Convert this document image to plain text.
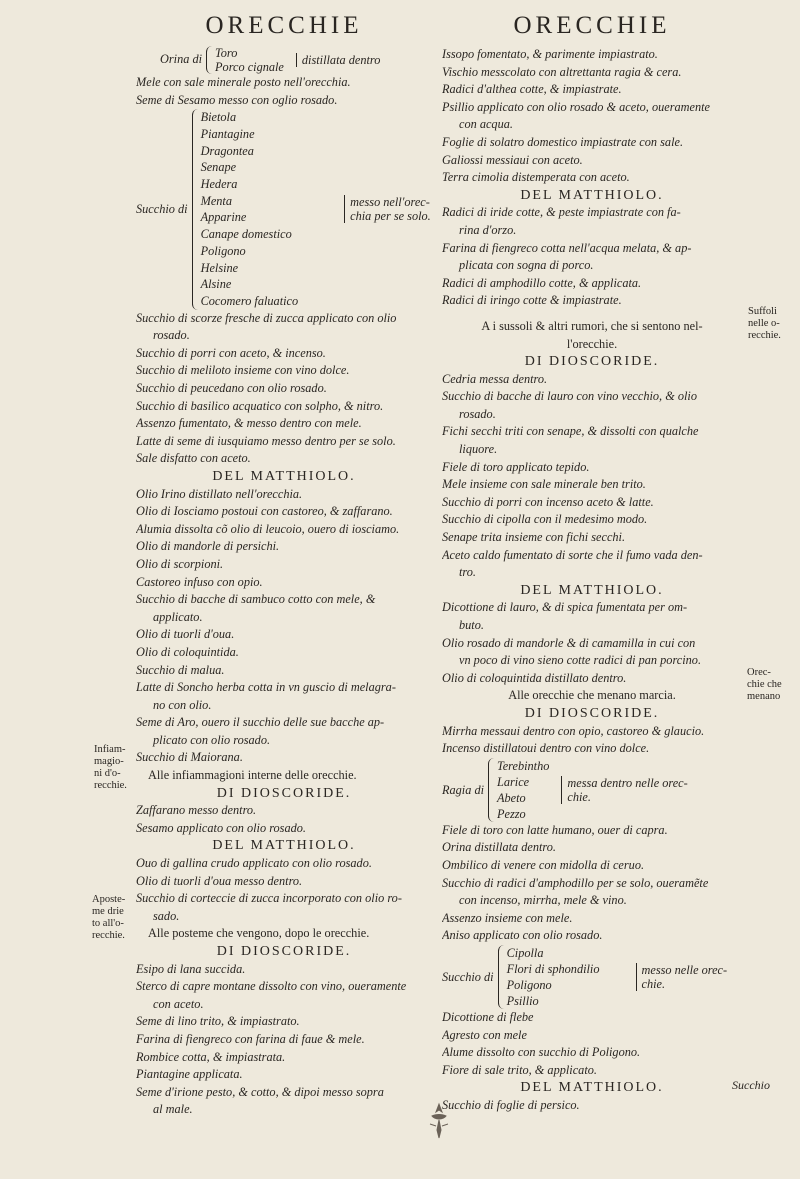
ORECCHIE
Orina di Toro
Porco cignale	distillata dentro
Mele con sale minerale posto nell'orecchia.
Seme di Sesamo messo con oglio rosado.
Succhio di
Bietola
Piantagine
Dragontea
Senape
Hedera
Menta
Apparine
Canape domestico
Poligono
Helsine
Alsine
Cocomero faluatico
messo nell'orec-
chia per se solo.
Succhio di scorze fresche di zucca applicato con olio
rosado.
Succhio di porri con aceto, & incenso.
Succhio di meliloto insieme con vino dolce.
Succhio di peucedano con olio rosado.
Succhio di basilico acquatico con solpho, & nitro.
Assenzo fumentato, & messo dentro con mele.
Latte di seme di iusquiamo messo dentro per se solo.
Sale disfatto con aceto.
DEL MATTHIOLO.
Olio Irino distillato nell'orecchia.
Olio di Iosciamo postoui con castoreo, & zaffarano.
Alumia dissolta cõ olio di leucoio, ouero di iosciamo.
Olio di mandorle di persichi.
Olio di scorpioni.
Castoreo infuso con opio.
Succhio di bacche di sambuco cotto con mele, &
applicato.
Olio di tuorli d'oua.
Olio di coloquintida.
Succhio di malua.
Latte di Soncho herba cotta in vn guscio di melagra-
no con olio.
Seme di Aro, ouero il succhio delle sue bacche ap-
plicato con olio rosado.
Succhio di Maiorana.
Alle infiammagioni interne delle orecchie.
DI DIOSCORIDE.
Zaffarano messo dentro.
Sesamo applicato con olio rosado.
DEL MATTHIOLO.
Ouo di gallina crudo applicato con olio rosado.
Olio di tuorli d'oua messo dentro.
Succhio di corteccie di zucca incorporato con olio ro-
sado.
Alle posteme che vengono, dopo le orecchie.
DI DIOSCORIDE.
Esipo di lana succida.
Sterco di capre montane dissolto con vino, oueramente
con aceto.
Seme di lino trito, & impiastrato.
Farina di fiengreco con farina di faue & mele.
Rombice cotta, & impiastrata.
Piantagine applicata.
Seme d'irione pesto, & cotto, & dipoi messo sopra
al male.
ORECCHIE
Issopo fomentato, & parimente impiastrato.
Vischio messcolato con altrettanta ragia & cera.
Radici d'althea cotte, & impiastrate.
Psillio applicato con olio rosado & aceto, oueramente
con acqua.
Foglie di solatro domestico impiastrate con sale.
Galiossi messiaui con aceto.
Terra cimolia distemperata con aceto.
DEL MATTHIOLO.
Radici di iride cotte, & peste impiastrate con fa-
rina d'orzo.
Farina di fiengreco cotta nell'acqua melata, & ap-
plicata con sogna di porco.
Radici di amphodillo cotte, & applicata.
Radici di iringo cotte & impiastrate.
A i sussoli & altri rumori, che si sentono nel-
l'orecchie.
DI DIOSCORIDE.
Cedria messa dentro.
Succhio di bacche di lauro con vino vecchio, & olio
rosado.
Fichi secchi triti con senape, & dissolti con qualche
liquore.
Fiele di toro applicato tepido.
Mele insieme con sale minerale ben trito.
Succhio di porri con incenso aceto & latte.
Succhio di cipolla con il medesimo modo.
Senape trita insieme con fichi secchi.
Aceto caldo fumentato di sorte che il fumo vada den-
tro.
DEL MATTHIOLO.
Dicottione di lauro, & di spica fumentata per om-
buto.
Olio rosado di mandorle & di camamilla in cui con
vn poco di vino sieno cotte radici di pan porcino.
Olio di coloquintida distillato dentro.
Alle orecchie che menano marcia.
DI DIOSCORIDE.
Mirrha messaui dentro con opio, castoreo & glaucio.
Incenso distillatoui dentro con vino dolce.
Ragia di
Terebintho
Larice
Abeto
Pezzo
messa dentro nelle orec-
chie.
Fiele di toro con latte humano, ouer di capra.
Orina distillata dentro.
Ombilico di venere con midolla di ceruo.
Succhio di radici d'amphodillo per se solo, oueramẽte
con incenso, mirrha, mele & vino.
Assenzo insieme con mele.
Aniso applicato con olio rosado.
Succhio di
Cipolla
Flori di sphondilio
Poligono
Psillio
messo nelle orec-
chie.
Dicottione di flebe
Agresto con mele
Alume dissolto con succhio di Poligono.
Fiore di sale trito, & applicato.
DEL MATTHIOLO.
Succhio di foglie di persico.
Infiam-
magio-
ni d'o-
recchie.
Aposte-
me drie
to all'o-
recchie.
Suffoli
nelle o-
recchie.
Orec-
chie che
menano
Succhio
